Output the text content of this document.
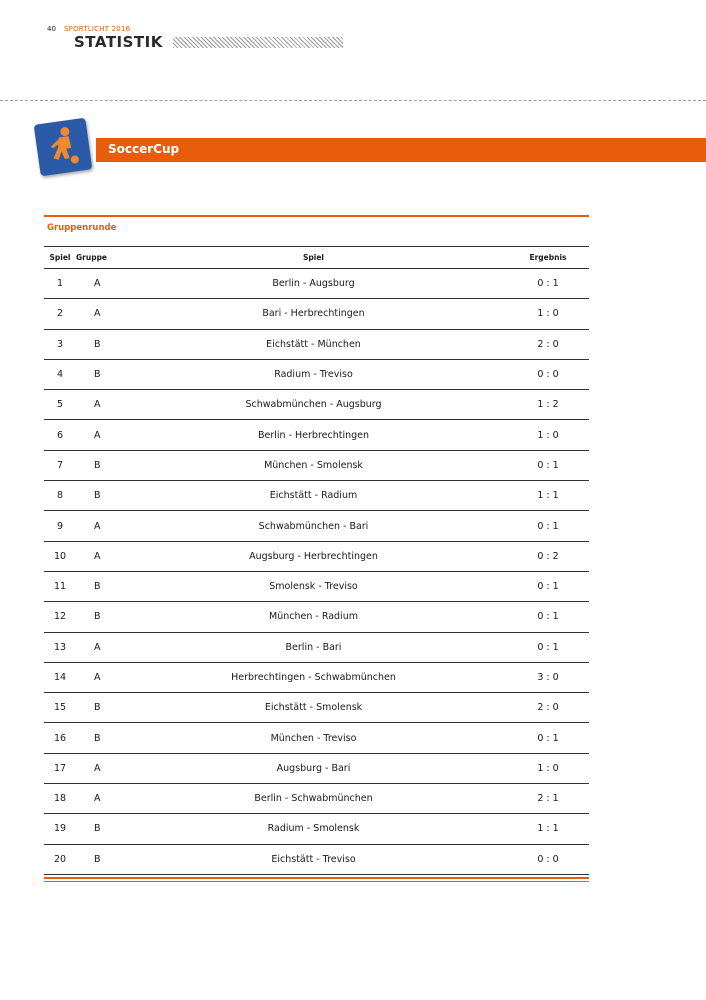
40 SPORTLICHT 2016
STATISTIK
SoccerCup
Gruppenrunde
Spiel Gruppe	Spiel	Ergebnis
1	A	Berlin - Augsburg	0 : 1
2	A	Bari - Herbrechtingen	1 : 0
3	B	Eichstätt - München	2 : 0
4	B	Radium - Treviso	0 : 0
5	A	Schwabmünchen - Augsburg	1 : 2
6	A	Berlin - Herbrechtingen	1 : 0
7	B	München - Smolensk	0 : 1
8	B	Eichstätt - Radium	1 : 1
9	A	Schwabmünchen - Bari	0 : 1
10	A	Augsburg - Herbrechtingen	0 : 2
11	B	Smolensk - Treviso	0 : 1
12	B	München - Radium	0 : 1
13	A	Berlin - Bari	0 : 1
14	A	Herbrechtingen - Schwabmünchen	3 : 0
15	B	Eichstätt - Smolensk	2 : 0
16	B	München - Treviso	0 : 1
17	A	Augsburg - Bari	1 : 0
18	A	Berlin - Schwabmünchen	2 : 1
19	B	Radium - Smolensk	1 : 1
20	B	Eichstätt - Treviso	0 : 0
